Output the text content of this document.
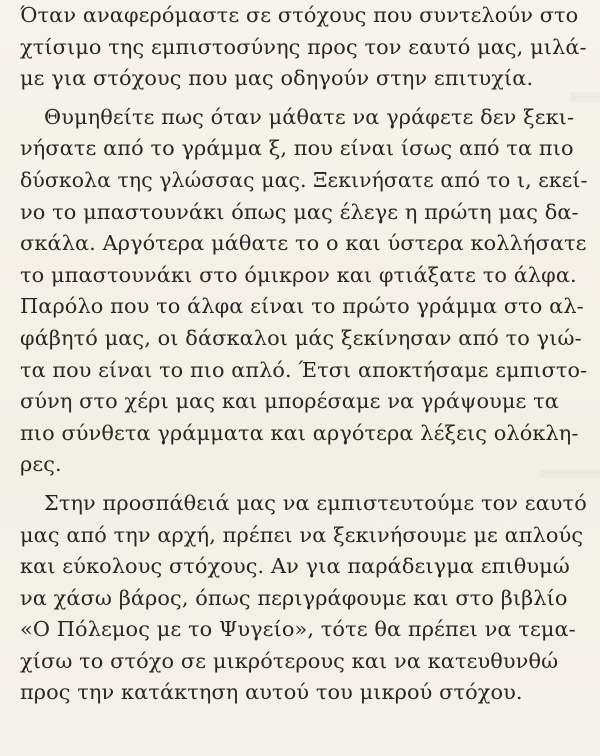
Όταν αναφερόμαστε σε στόχους που συντελούν στο
χτίσιμο της εμπιστοσύνης προς τον εαυτό μας, μιλά-
με για στόχους που μας οδηγούν στην επιτυχία.
Θυμηθείτε πως όταν μάθατε να γράφετε δεν ξεκι-
νήσατε από το γράμμα ξ, που είναι ίσως από τα πιο
δύσκολα της γλώσσας μας. Ξεκινήσατε από το ι, εκεί-
νο το μπαστουνάκι όπως μας έλεγε η πρώτη μας δα-
σκάλα. Αργότερα μάθατε το ο και ύστερα κολλήσατε
το μπαστουνάκι στο όμικρον και φτιάξατε το άλφα.
Παρόλο που το άλφα είναι το πρώτο γράμμα στο αλ-
φάβητό μας, οι δάσκαλοι μάς ξεκίνησαν από το γιώ-
τα που είναι το πιο απλό. Έτσι αποκτήσαμε εμπιστο-
σύνη στο χέρι μας και μπορέσαμε να γράψουμε τα
πιο σύνθετα γράμματα και αργότερα λέξεις ολόκλη-
ρες.
Στην προσπάθειά μας να εμπιστευτούμε τον εαυτό
μας από την αρχή, πρέπει να ξεκινήσουμε με απλούς
και εύκολους στόχους. Αν για παράδειγμα επιθυμώ
να χάσω βάρος, όπως περιγράφουμε και στο βιβλίο
«Ο Πόλεμος με το Ψυγείο», τότε θα πρέπει να τεμα-
χίσω το στόχο σε μικρότερους και να κατευθυνθώ
προς την κατάκτηση αυτού του μικρού στόχου.
